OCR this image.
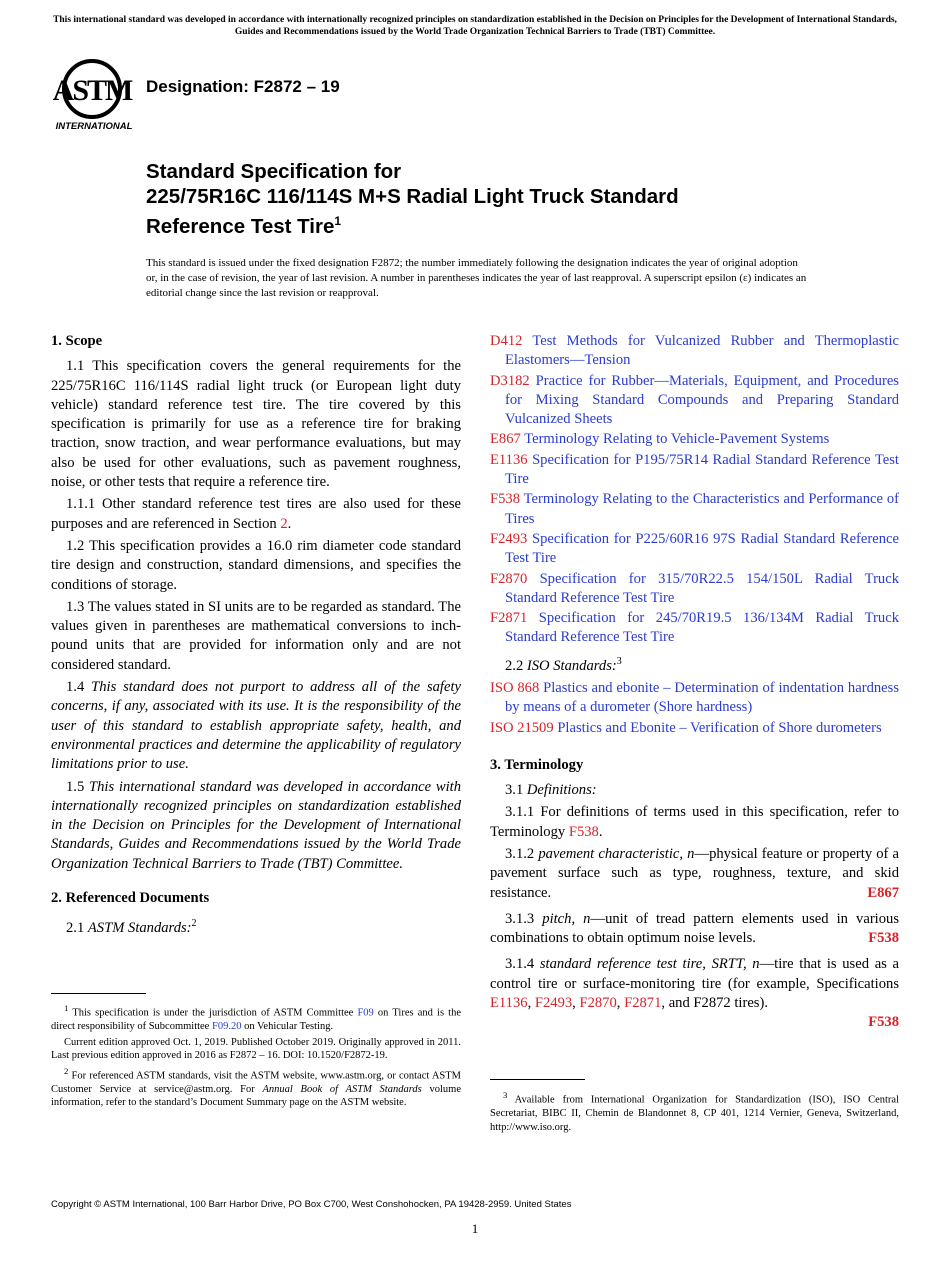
This international standard was developed in accordance with internationally recognized principles on standardization established in the Decision on Principles for the Development of International Standards, Guides and Recommendations issued by the World Trade Organization Technical Barriers to Trade (TBT) Committee.
ASTM
INTERNATIONAL
Designation: F2872 – 19
Standard Specification for
225/75R16C 116/114S M+S Radial Light Truck Standard
Reference Test Tire$^1$
This standard is issued under the fixed designation F2872; the number immediately following the designation indicates the year of original adoption or, in the case of revision, the year of last revision. A number in parentheses indicates the year of last reapproval. A superscript epsilon (ε) indicates an editorial change since the last revision or reapproval.
1. Scope

1.1 This specification covers the general requirements for the 225/75R16C 116/114S radial light truck (or European light duty vehicle) standard reference test tire. The tire covered by this specification is primarily for use as a reference tire for braking traction, snow traction, and wear performance evaluations, but may also be used for other evaluations, such as pavement roughness, noise, or other tests that require a reference tire.

1.1.1 Other standard reference test tires are also used for these purposes and are referenced in Section 2.

1.2 This specification provides a 16.0 rim diameter code standard tire design and construction, standard dimensions, and specifies the conditions of storage.

1.3 The values stated in SI units are to be regarded as standard. The values given in parentheses are mathematical conversions to inch-pound units that are provided for information only and are not considered standard.

1.4 This standard does not purport to address all of the safety concerns, if any, associated with its use. It is the responsibility of the user of this standard to establish appropriate safety, health, and environmental practices and determine the applicability of regulatory limitations prior to use.

1.5 This international standard was developed in accordance with internationally recognized principles on standardization established in the Decision on Principles for the Development of International Standards, Guides and Recommendations issued by the World Trade Organization Technical Barriers to Trade (TBT) Committee.

2. Referenced Documents

2.1 ASTM Standards:$^2$

$^1$ This specification is under the jurisdiction of ASTM Committee F09 on Tires and is the direct responsibility of Subcommittee F09.20 on Vehicular Testing.

Current edition approved Oct. 1, 2019. Published October 2019. Originally approved in 2011. Last previous edition approved in 2016 as F2872 – 16. DOI: 10.1520/F2872-19.

$^2$ For referenced ASTM standards, visit the ASTM website, www.astm.org, or contact ASTM Customer Service at service@astm.org. For Annual Book of ASTM Standards volume information, refer to the standard’s Document Summary page on the ASTM website.

D412 Test Methods for Vulcanized Rubber and Thermoplastic Elastomers—Tension

D3182 Practice for Rubber—Materials, Equipment, and Procedures for Mixing Standard Compounds and Preparing Standard Vulcanized Sheets

E867 Terminology Relating to Vehicle-Pavement Systems

E1136 Specification for P195/75R14 Radial Standard Reference Test Tire

F538 Terminology Relating to the Characteristics and Performance of Tires

F2493 Specification for P225/60R16 97S Radial Standard Reference Test Tire

F2870 Specification for 315/70R22.5 154/150L Radial Truck Standard Reference Test Tire

F2871 Specification for 245/70R19.5 136/134M Radial Truck Standard Reference Test Tire

2.2 ISO Standards:$^3$

ISO 868 Plastics and ebonite – Determination of indentation hardness by means of a durometer (Shore hardness)

ISO 21509 Plastics and Ebonite – Verification of Shore durometers

3. Terminology

3.1 Definitions:

3.1.1 For definitions of terms used in this specification, refer to Terminology F538.

3.1.2 pavement characteristic, n—physical feature or property of a pavement surface such as type, roughness, texture, and skid resistance.	E867

3.1.3 pitch, n—unit of tread pattern elements used in various combinations to obtain optimum noise levels.	F538

3.1.4 standard reference test tire, SRTT, n—tire that is used as a control tire or surface-monitoring tire (for example, Specifications E1136, F2493, F2870, F2871, and F2872 tires).

F538

$^3$ Available from International Organization for Standardization (ISO), ISO Central Secretariat, BIBC II, Chemin de Blandonnet 8, CP 401, 1214 Vernier, Geneva, Switzerland, http://www.iso.org.

Copyright © ASTM International, 100 Barr Harbor Drive, PO Box C700, West Conshohocken, PA 19428-2959. United States
1
